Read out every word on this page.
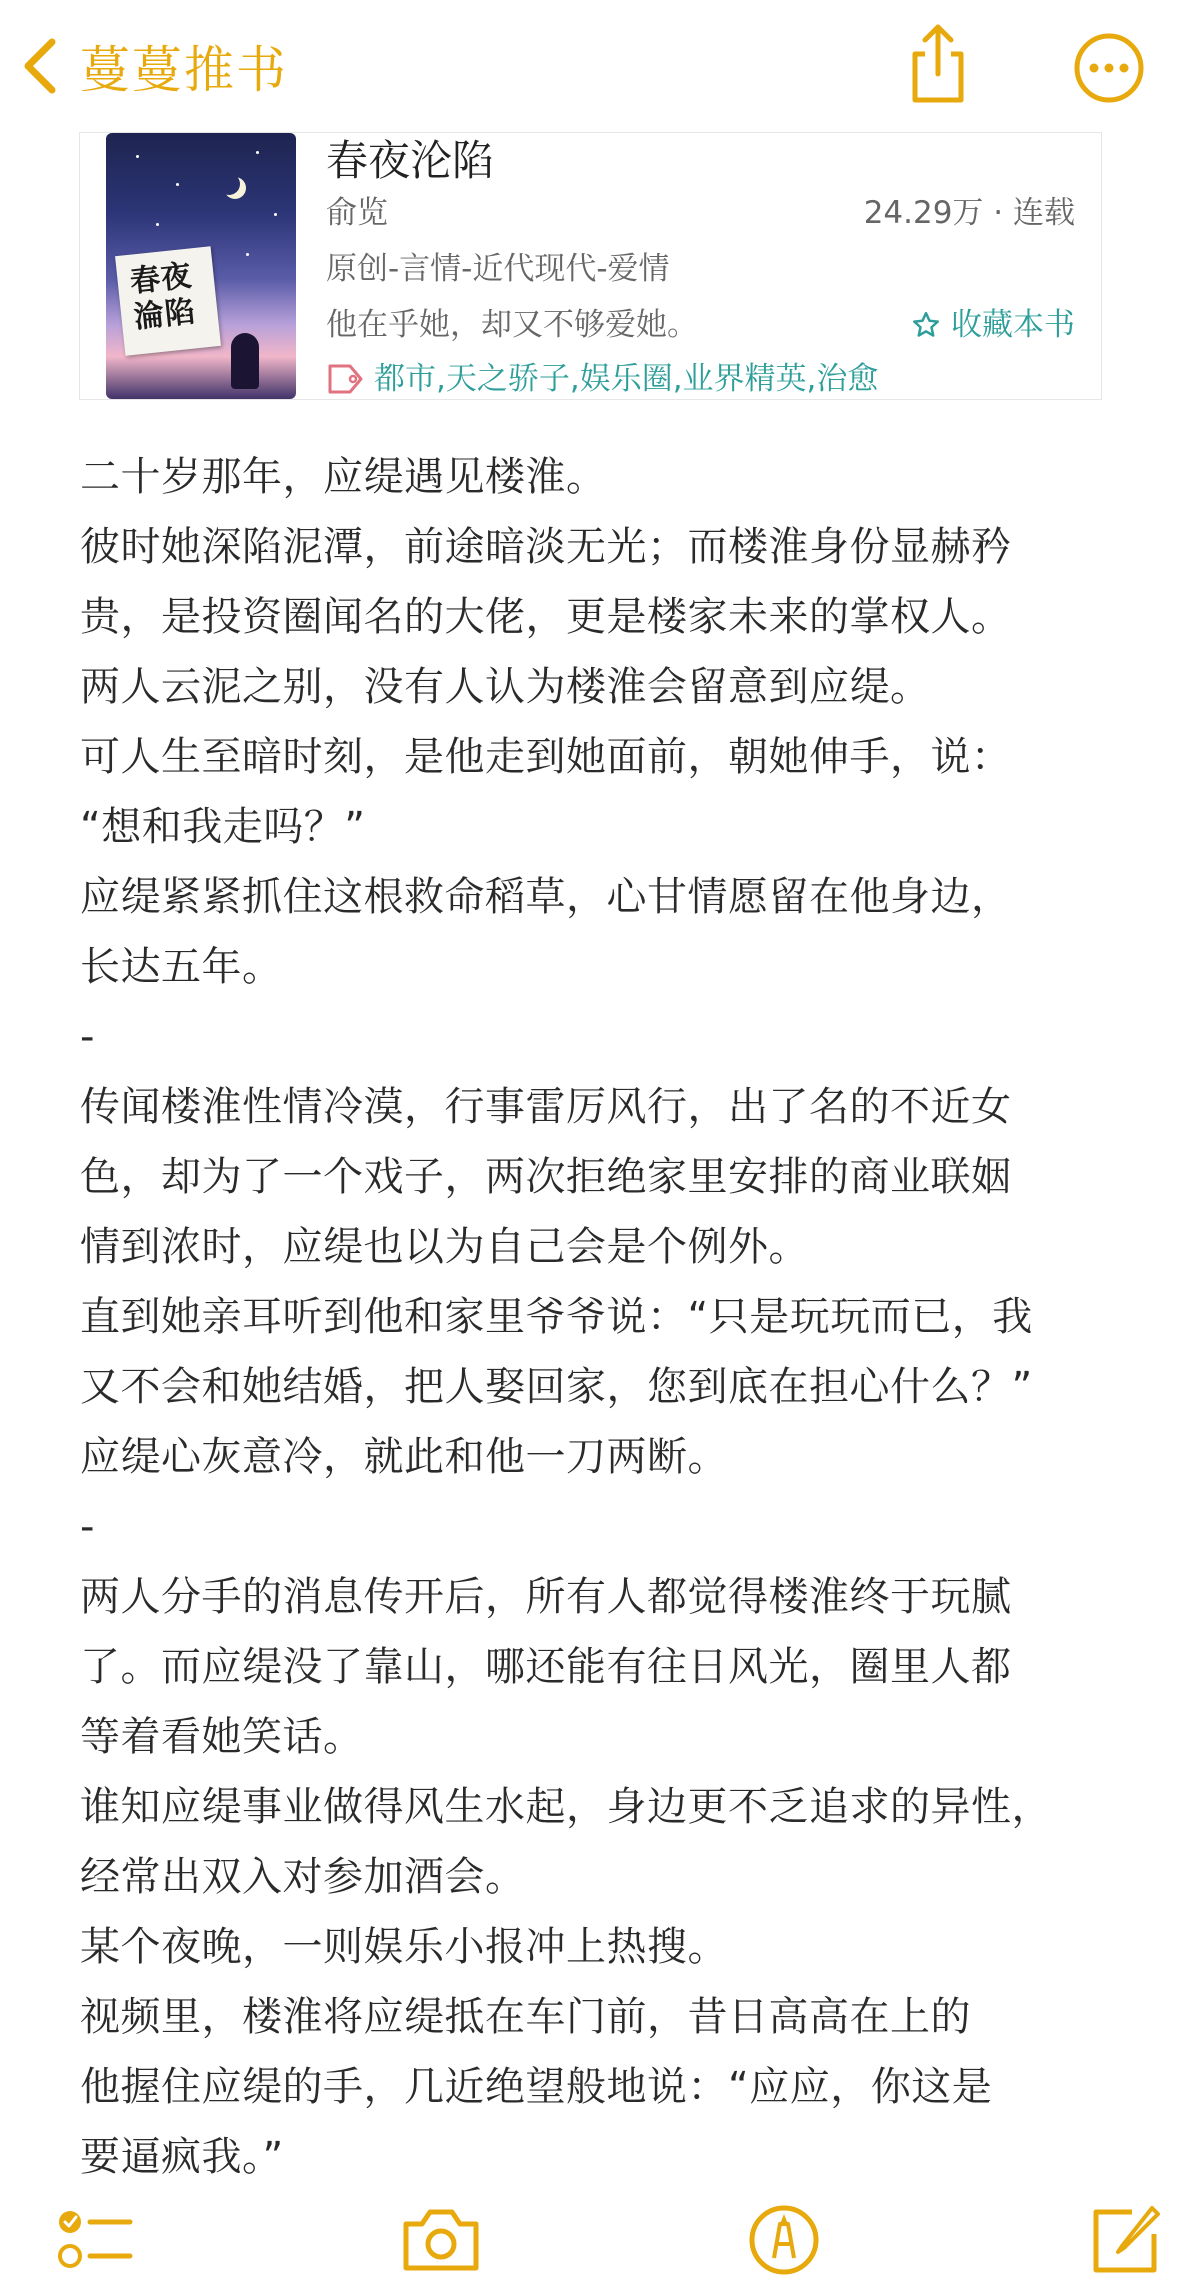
蔓蔓推书
春夜
淪陷
春夜沦陷
俞览	24.29万 · 连载
原创-言情-近代现代-爱情
他在乎她，却又不够爱她。	收藏本书
都市,天之骄子,娱乐圈,业界精英,治愈
二十岁那年，应缇遇见楼淮。
彼时她深陷泥潭，前途暗淡无光；而楼淮身份显赫矜
贵，是投资圈闻名的大佬，更是楼家未来的掌权人。
两人云泥之别，没有人认为楼淮会留意到应缇。
可人生至暗时刻，是他走到她面前，朝她伸手，说：
“想和我走吗？”
应缇紧紧抓住这根救命稻草，心甘情愿留在他身边，
长达五年。
-
传闻楼淮性情冷漠，行事雷厉风行，出了名的不近女
色，却为了一个戏子，两次拒绝家里安排的商业联姻
情到浓时，应缇也以为自己会是个例外。
直到她亲耳听到他和家里爷爷说：“只是玩玩而已，我
又不会和她结婚，把人娶回家，您到底在担心什么？”
应缇心灰意冷，就此和他一刀两断。
-
两人分手的消息传开后，所有人都觉得楼淮终于玩腻
了。而应缇没了靠山，哪还能有往日风光，圈里人都
等着看她笑话。
谁知应缇事业做得风生水起，身边更不乏追求的异性，
经常出双入对参加酒会。
某个夜晚，一则娱乐小报冲上热搜。
视频里，楼淮将应缇抵在车门前，昔日高高在上的
他握住应缇的手，几近绝望般地说：“应应，你这是
要逼疯我。”
